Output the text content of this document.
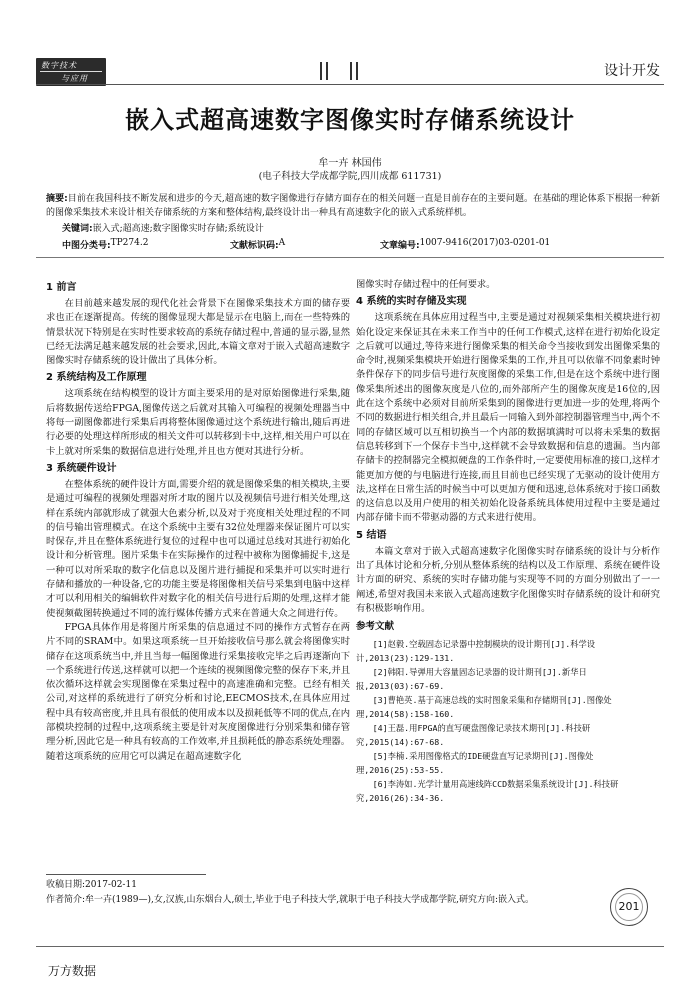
数字技术
与应用	设计开发
嵌入式超高速数字图像实时存储系统设计
牟一卉 林国伟
(电子科技大学成都学院,四川成都 611731)
摘要:目前在我国科技不断发展和进步的今天,超高速的数字图像进行存储方面存在的相关问题一直是目前存在的主要问题。在基础的理论体系下根据一种新的图像采集技术来设计相关存储系统的方案和整体结构,最终设计出一种具有高速数字化的嵌入式系统样机。
关键词:嵌入式;超高速;数字图像实时存储;系统设计
中图分类号: TP274.2	文献标识码: A	文章编号: 1007-9416(2017)03-0201-01
1 前言

在目前越来越发展的现代化社会背景下在图像采集技术方面的储存要求也正在逐渐提高。传统的图像显现大都是显示在电脑上,而在一些特殊的情景状况下特别是在实时性要求较高的系统存储过程中,普通的显示器,显然已经无法满足越来越发展的社会要求,因此,本篇文章对于嵌入式超高速数字图像实时存储系统的设计做出了具体分析。

2 系统结构及工作原理

这项系统在结构模型的设计方面主要采用的是对原始图像进行采集,随后将数据传送给FPGA,图像传送之后就对其输入可编程的视频处理器当中将每一副图像都进行采集后再将整体图像通过这个系统进行输出,随后再进行必要的处理这样所形成的相关文件可以转移到卡中,这样,相关用户可以在卡上就对所采集的数据信息进行处理,并且也方便对其进行分析。

3 系统硬件设计

在整体系统的硬件设计方面,需要介绍的就是图像采集的相关模块,主要是通过可编程的视频处理器对所才取的图片以及视频信号进行相关处理,这样在系统内部就形成了就强大色素分析,以及对于亮度相关处理过程的不同的信号输出管理模式。在这个系统中主要有32位处理器来保证图片可以实时保存,并且在整体系统进行复位的过程中也可以通过总线对其进行初始化设计和分析管理。图片采集卡在实际操作的过程中被称为图像捕捉卡,这是一种可以对所采取的数字化信息以及图片进行捕捉和采集并可以实时进行存储和播放的一种设备,它的功能主要是将图像相关信号采集到电脑中这样才可以利用相关的编辑软件对数字化的相关信号进行后期的处理,这样才能使视频截图转换通过不同的流行媒体传播方式来在普通大众之间进行传。

FPGA具体作用是将图片所采集的信息通过不同的操作方式暂存在两片不同的SRAM中。如果这项系统一旦开始接收信号那么就会将图像实时储存在这项系统当中,并且当每一幅图像进行采集接收完毕之后再逐渐向下一个系统进行传送,这样就可以把一个连续的视频图像完整的保存下来,并且依次循环这样就会实现图像在采集过程中的高速准确和完整。已经有相关公司,对这样的系统进行了研究分析和讨论,EECMOS技术,在具体应用过程中具有较高密度,并且具有很低的使用成本以及损耗低等不同的优点,在内部模块控制的过程中,这项系统主要是针对灰度图像进行分别采集和储存管理分析,因此它是一种具有较高的工作效率,并且损耗低的静态系统处理器。随着这项系统的应用它可以满足在超高速数字化

图像实时存储过程中的任何要求。

4 系统的实时存储及实现

这项系统在具体应用过程当中,主要是通过对视频采集相关模块进行初始化设定来保证其在未来工作当中的任何工作模式,这样在进行初始化设定之后就可以通过,等待来进行图像采集的相关命令当接收到发出图像采集的命令时,视频采集模块开始进行图像采集的工作,并且可以依靠不同象素时钟条件保存下的同步信号进行灰度图像的采集工作,但是在这个系统中进行图像采集所述出的图像灰度是八位的,而外部所产生的图像灰度是16位的,因此在这个系统中必须对目前所采集到的图像进行更加进一步的处理,将两个不同的数据进行相关组合,并且最后一同输入到外部控制器管理当中,两个不同的存储区域可以互相切换当一个内部的数据填满时可以将未采集的数据信息转移到下一个保存卡当中,这样就不会导致数据和信息的遗漏。当内部存储卡的控制器完全模拟硬盘的工作条件时,一定要使用标准的接口,这样才能更加方便的与电脑进行连接,而且目前也已经实现了无驱动的设计使用方法,这样在日常生活的时候当中可以更加方便和迅速,总体系统对于接口函数的这信息以及用户使用的相关初始化设备系统具体使用过程中主要是通过内部存储卡而不带驱动器的方式来进行使用。

5 结语

本篇文章对于嵌入式超高速数字化图像实时存储系统的设计与分析作出了具体讨论和分析,分别从整体系统的结构以及工作原理、系统在硬件设计方面的研究、系统的实时存储功能与实现等不同的方面分别做出了一一阐述,希望对我国未来嵌入式超高速数字化图像实时存储系统的设计和研究有积极影响作用。

参考文献

[1]赵毅.空载固态记录器中控制模块的设计期刊[J].科学设计,2013(23):129-131.

[2]韩阳.导弹用大容量固态记录器的设计期刊[J].新华日报,2013(03):67-69.

[3]曹艳英.基于高速总线的实时图象采集和存储期刊[J].图像处理,2014(58):158-160.

[4]王磊.用FPGA的直写硬盘图像记录技术期刊[J].科技研究,2015(14):67-68.

[5]李楠.采用图像格式的IDE硬盘直写记录期刊[J].图像处理,2016(25):53-55.

[6]李涛如.光学计量用高速线阵CCD数据采集系统设计[J].科技研究,2016(26):34-36.

收稿日期:2017-02-11
作者简介:牟一卉(1989—),女,汉族,山东烟台人,硕士,毕业于电子科技大学,就职于电子科技大学成都学院,研究方向:嵌入式。	201
万方数据
